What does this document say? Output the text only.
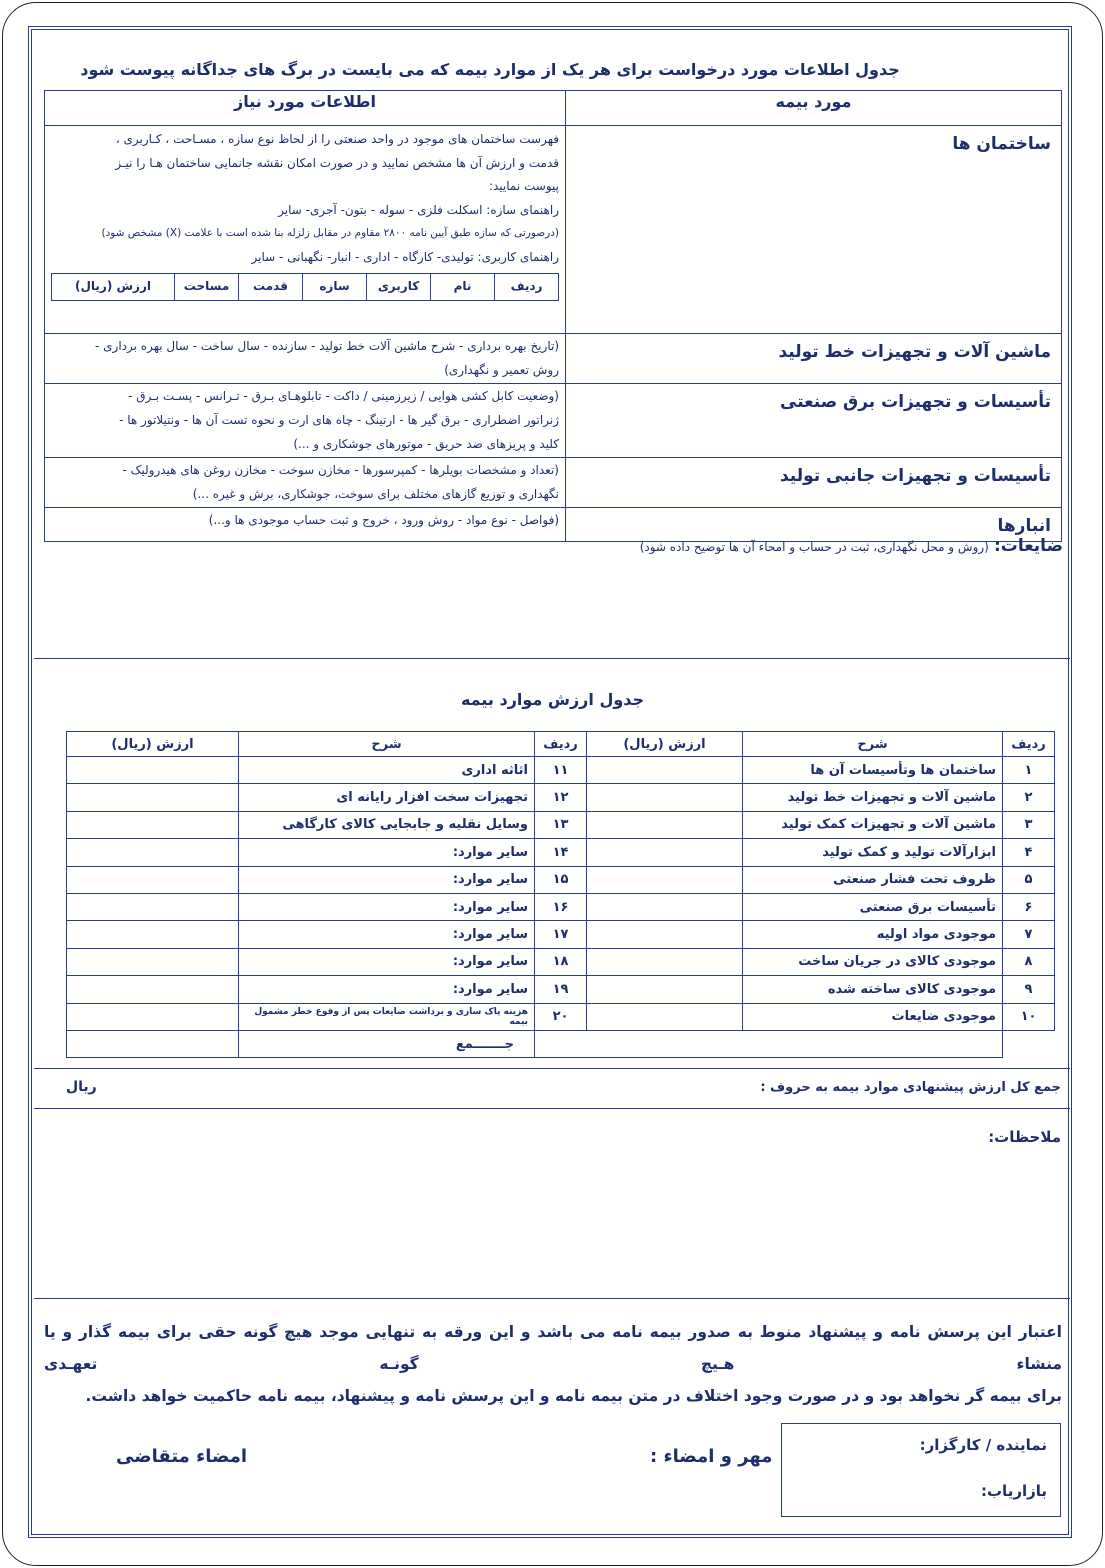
جدول اطلاعات مورد درخواست برای هر یک از موارد بیمه که می بایست در برگ های جداگانه پیوست شود
مورد بیمه	اطلاعات مورد نیاز
ساختمان ها	
فهرست ساختمان های موجود در واحد صنعتی را از لحاظ نوع سازه ، مسـاحت ، کـاربری ،
قدمت و ارزش آن ها مشخص نمایید و در صورت امکان نقشه جانمایی ساختمان هـا را نیـز
پیوست نمایید:
راهنمای سازه: اسکلت فلزی - سوله - بتون- آجری- سایر
(درصورتی که سازه طبق آیین نامه ۲۸۰۰ مقاوم در مقابل زلزله بنا شده است با علامت (X) مشخص شود)
راهنمای کاربری: تولیدی- کارگاه - اداری - انبار- نگهبانی - سایر
ردیف	نام	کاربری	سازه	قدمت	مساحت	ارزش (ریال)

ماشین آلات و تجهیزات خط تولید	
(تاریخ بهره برداری - شرح ماشین آلات خط تولید - سازنده - سال ساخت - سال بهره برداری -
روش تعمیر و نگهداری)

تأسیسات و تجهیزات برق صنعتی	
(وضعیت کابل کشی هوایی / زیرزمینی / داکت - تابلوهـای بـرق - تـرانس - پسـت بـرق -
ژنراتور اضطراری - برق گیر ها - ارتینگ - چاه های ارت و نحوه تست آن ها - ونتیلاتور ها -
کلید و پریزهای ضد حریق - موتورهای جوشکاری و ...)

تأسیسات و تجهیزات جانبی تولید	
(تعداد و مشخصات بویلرها - کمپرسورها - مخازن سوخت - مخازن روغن های هیدرولیک -
نگهداری و توزیع گازهای مختلف برای سوخت، جوشکاری، برش و غیره ...)

انبارها	
(فواصل - نوع مواد - روش ورود ، خروج و ثبت حساب موجودی ها و...)
ضایعات: (روش و محل نگهداری، ثبت در حساب و امحاء آن ها توضیح داده شود)
جدول ارزش موارد بیمه
ردیف	شرح	ارزش (ریال)	ردیف	شرح	ارزش (ریال)
۱	ساختمان ها وتأسیسات آن ها		۱۱	اثاثه اداری	
۲	ماشین آلات و تجهیزات خط تولید		۱۲	تجهیزات سخت افزار رایانه ای	
۳	ماشین آلات و تجهیزات کمک تولید		۱۳	وسایل نقلیه و جابجایی کالای کارگاهی	
۴	ابزارآلات تولید و کمک تولید		۱۴	سایر موارد:	
۵	ظروف تحت فشار صنعتی		۱۵	سایر موارد:	
۶	تأسیسات برق صنعتی		۱۶	سایر موارد:	
۷	موجودی مواد اولیه		۱۷	سایر موارد:	
۸	موجودی کالای در جریان ساخت		۱۸	سایر موارد:	
۹	موجودی کالای ساخته شده		۱۹	سایر موارد:	
۱۰	موجودی ضایعات		۲۰	هزینه پاک سازی و برداشت ضایعات پس از وقوع خطر مشمول بیمه	
				جـــــــمع	
جمع کل ارزش پیشنهادی موارد بیمه به حروف :
ریال
ملاحظات:
اعتبار این پرسش نامه و پیشنهاد منوط به صدور بیمه نامه می باشد و این ورقه به تنهایی موجد هیچ گونه حقی برای بیمه گذار و یا منشاء هـیچ گونـه تعهـدی
برای بیمه گر نخواهد بود و در صورت وجود اختلاف در متن بیمه نامه و این پرسش نامه و پیشنهاد، بیمه نامه حاکمیت خواهد داشت.
نماینده / کارگزار:
بازاریاب:
مهر و امضاء :
امضاء متقاضی
